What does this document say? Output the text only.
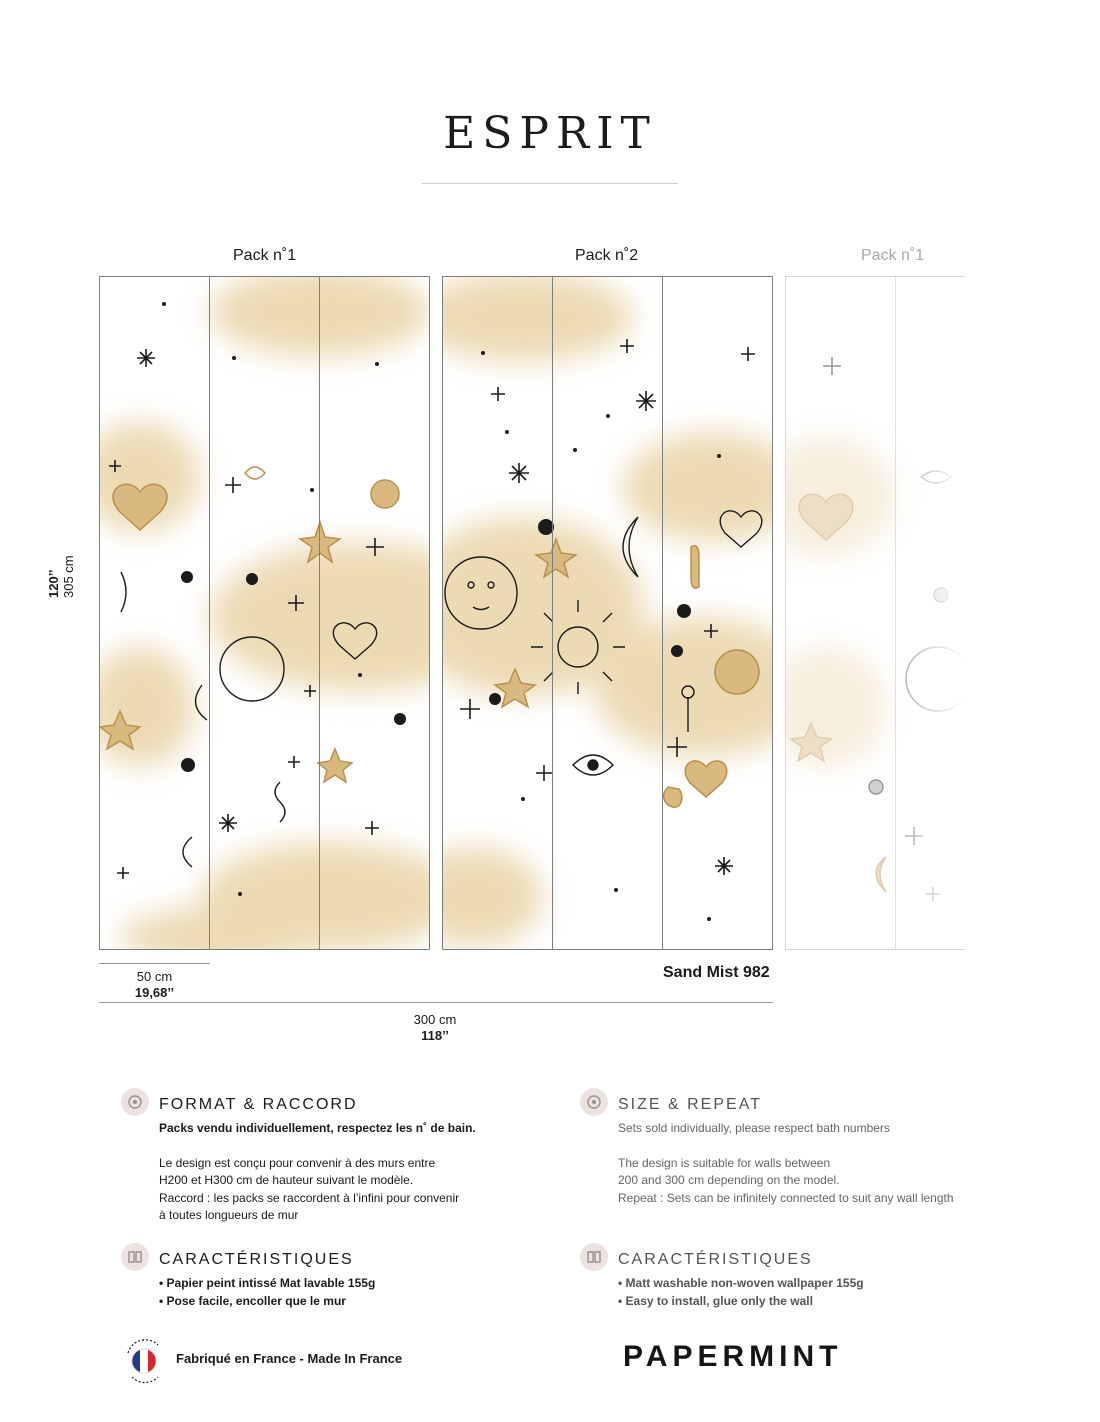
ESPRIT
Pack n˚1	Pack n˚2	Pack n˚1
120’’ 305 cm
50 cm
19,68’’
Sand Mist 982
300 cm
118’’

FORMAT & RACCORD

Packs vendu individuellement, respectez les n˚ de bain.

Le design est conçu pour convenir à des murs entre

H200 et H300 cm de hauteur suivant le modèle.

Raccord : les packs se raccordent à l’infini pour convenir

à toutes longueurs de mur

SIZE & REPEAT

Sets sold individually, please respect bath numbers

The design is suitable for walls between

200 and 300 cm depending on the model.

Repeat : Sets can be infinitely connected to suit any wall length

CARACTÉRISTIQUES

• Papier peint intissé Mat lavable 155g

• Pose facile, encoller que le mur

CARACTÉRISTIQUES

• Matt washable non-woven wallpaper 155g

• Easy to install, glue only the wall

Fabriqué en France - Made In France	PAPERMINT
